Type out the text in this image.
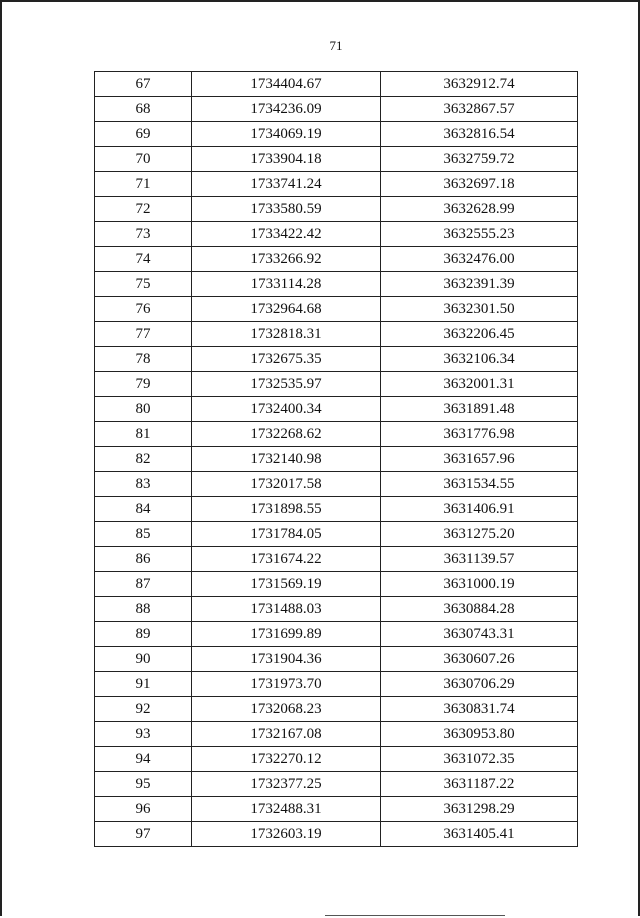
71
67	1734404.67	3632912.74
68	1734236.09	3632867.57
69	1734069.19	3632816.54
70	1733904.18	3632759.72
71	1733741.24	3632697.18
72	1733580.59	3632628.99
73	1733422.42	3632555.23
74	1733266.92	3632476.00
75	1733114.28	3632391.39
76	1732964.68	3632301.50
77	1732818.31	3632206.45
78	1732675.35	3632106.34
79	1732535.97	3632001.31
80	1732400.34	3631891.48
81	1732268.62	3631776.98
82	1732140.98	3631657.96
83	1732017.58	3631534.55
84	1731898.55	3631406.91
85	1731784.05	3631275.20
86	1731674.22	3631139.57
87	1731569.19	3631000.19
88	1731488.03	3630884.28
89	1731699.89	3630743.31
90	1731904.36	3630607.26
91	1731973.70	3630706.29
92	1732068.23	3630831.74
93	1732167.08	3630953.80
94	1732270.12	3631072.35
95	1732377.25	3631187.22
96	1732488.31	3631298.29
97	1732603.19	3631405.41
